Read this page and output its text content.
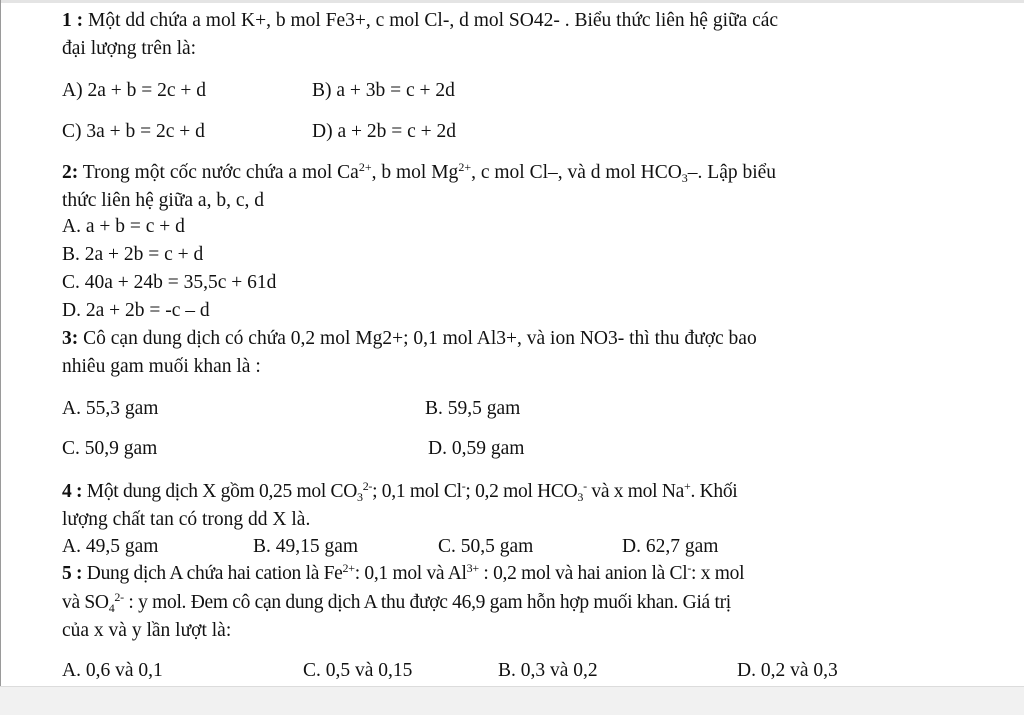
1 : Một dd chứa a mol K+, b mol Fe3+, c mol Cl-, d mol SO42- . Biểu thức liên hệ giữa các
đại lượng trên là:
A) 2a + b = 2c + d	B) a + 3b = c + 2d
C) 3a + b = 2c + d	D) a + 2b = c + 2d
2: Trong một cốc nước chứa a mol $Ca^{2+}$, b mol $Mg^{2+}$, c mol Cl–, và d mol $HCO_3-$. Lập biểu
thức liên hệ giữa a, b, c, d
A. a + b = c + d
B. 2a + 2b = c + d
C. 40a + 24b = 35,5c + 61d
D. 2a + 2b = -c – d
3: Cô cạn dung dịch có chứa 0,2 mol Mg2+; 0,1 mol Al3+, và ion NO3- thì thu được bao
nhiêu gam muối khan là :
A. 55,3 gam	B. 59,5 gam
C. 50,9 gam	D. 0,59 gam
4 : Một dung dịch X gồm 0,25 mol $CO_3^{2-}$; 0,1 mol Cl-; 0,2 mol $HCO_3^-$ và x mol Na+. Khối
lượng chất tan có trong dd X là.
A. 49,5 gam	B. 49,15 gam	C. 50,5 gam	D. 62,7 gam
5 : Dung dịch A chứa hai cation là $Fe^{2+}$: 0,1 mol và $Al^{3+}$ : 0,2 mol và hai anion là Cl-: x mol
và $SO_4^{2-}$ : y mol. Đem cô cạn dung dịch A thu được 46,9 gam hỗn hợp muối khan. Giá trị
của x và y lần lượt là:
A. 0,6 và 0,1	C. 0,5 và 0,15	B. 0,3 và 0,2	D. 0,2 và 0,3
